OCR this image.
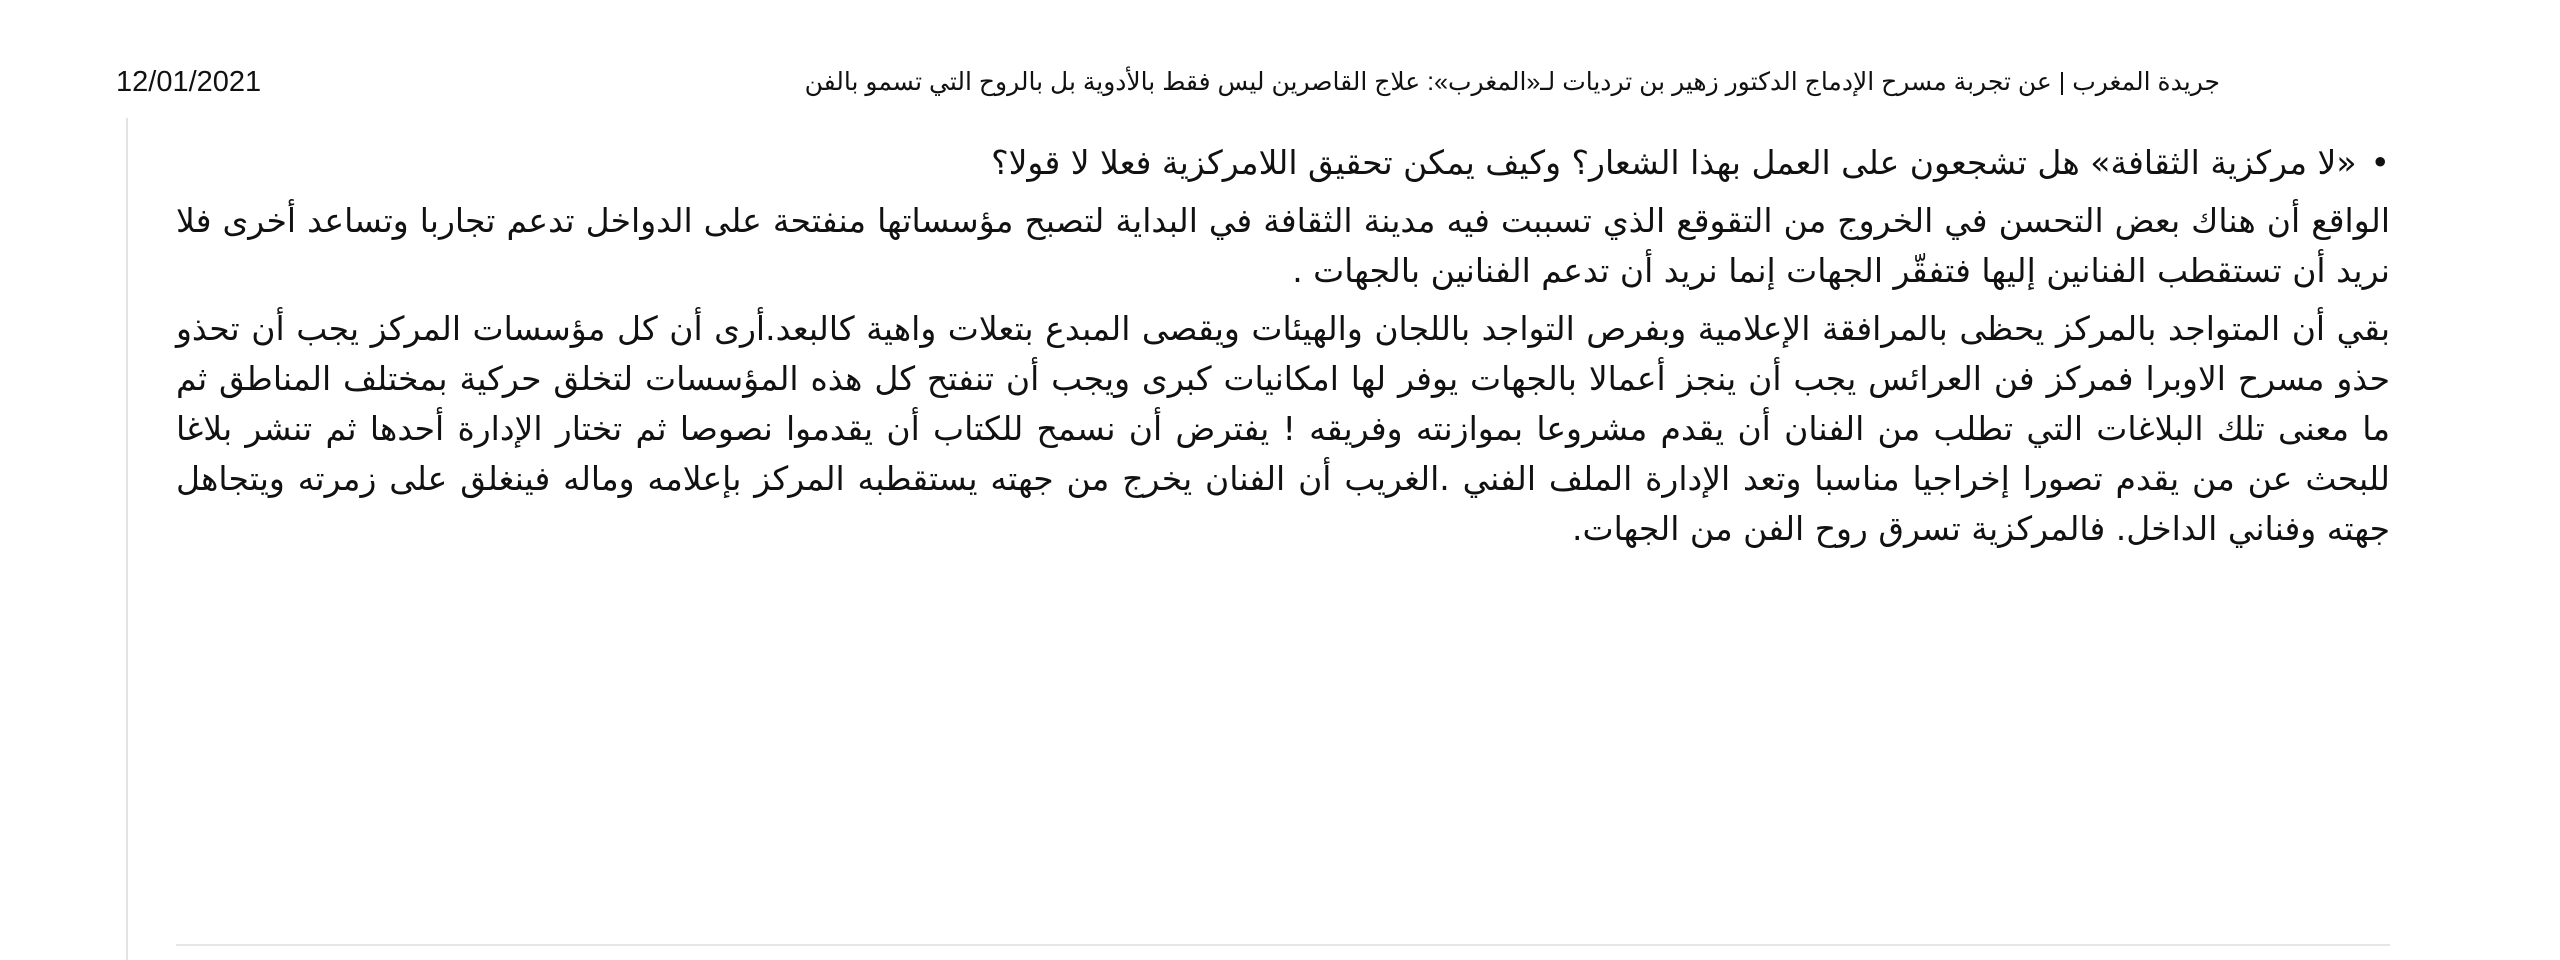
12/01/2021	جريدة المغرب | عن تجربة مسرح الإدماج الدكتور زهير بن ترديات لـ«المغرب»: علاج القاصرين ليس فقط بالأدوية بل بالروح التي تسمو بالفن

•«لا مركزية الثقافة» هل تشجعون على العمل بهذا الشعار؟ وكيف يمكن تحقيق اللامركزية فعلا لا قولا؟

الواقع أن هناك بعض التحسن في الخروج من التقوقع الذي تسببت فيه مدينة الثقافة في البداية لتصبح مؤسساتها منفتحة على الدواخل تدعم تجاربا وتساعد أخرى فلا نريد أن تستقطب الفنانين إليها فتفقّر الجهات إنما نريد أن تدعم الفنانين بالجهات .

بقي أن المتواجد بالمركز يحظى بالمرافقة الإعلامية وبفرص التواجد باللجان والهيئات ويقصى المبدع بتعلات واهية كالبعد.أرى أن كل مؤسسات المركز يجب أن تحذو حذو مسرح الاوبرا فمركز فن العرائس يجب أن ينجز أعمالا بالجهات يوفر لها امكانيات كبرى ويجب أن تنفتح كل هذه المؤسسات لتخلق حركية بمختلف المناطق ثم ما معنى تلك البلاغات التي تطلب من الفنان أن يقدم مشروعا بموازنته وفريقه ! يفترض أن نسمح للكتاب أن يقدموا نصوصا ثم تختار الإدارة أحدها ثم تنشر بلاغا للبحث عن من يقدم تصورا إخراجيا مناسبا وتعد الإدارة الملف الفني .الغريب أن الفنان يخرج من جهته يستقطبه المركز بإعلامه وماله فينغلق على زمرته ويتجاهل جهته وفناني الداخل. فالمركزية تسرق روح الفن من الجهات.
